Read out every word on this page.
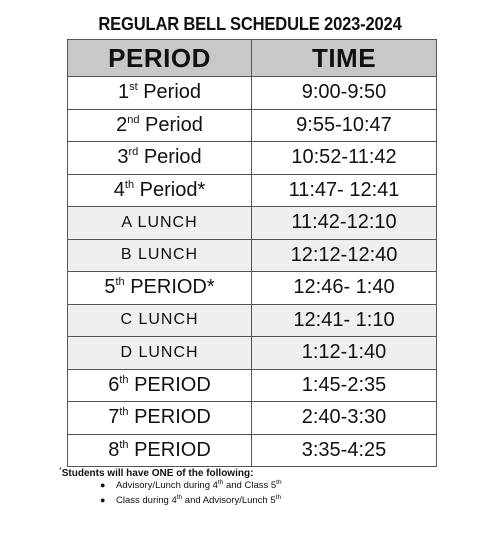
REGULAR BELL SCHEDULE 2023-2024
PERIOD	TIME
1st Period	9:00-9:50
2nd Period	9:55-10:47
3rd Period	10:52-11:42
4th Period*	11:47- 12:41
A LUNCH	11:42-12:10
B LUNCH	12:12-12:40
5th PERIOD*	12:46- 1:40
C LUNCH	12:41- 1:10
D LUNCH	1:12-1:40
6th PERIOD	1:45-2:35
7th PERIOD	2:40-3:30
8th PERIOD	3:35-4:25
*Students will have ONE of the following:
● Advisory/Lunch during 4th and Class 5th
● Class during 4th and Advisory/Lunch 5th
